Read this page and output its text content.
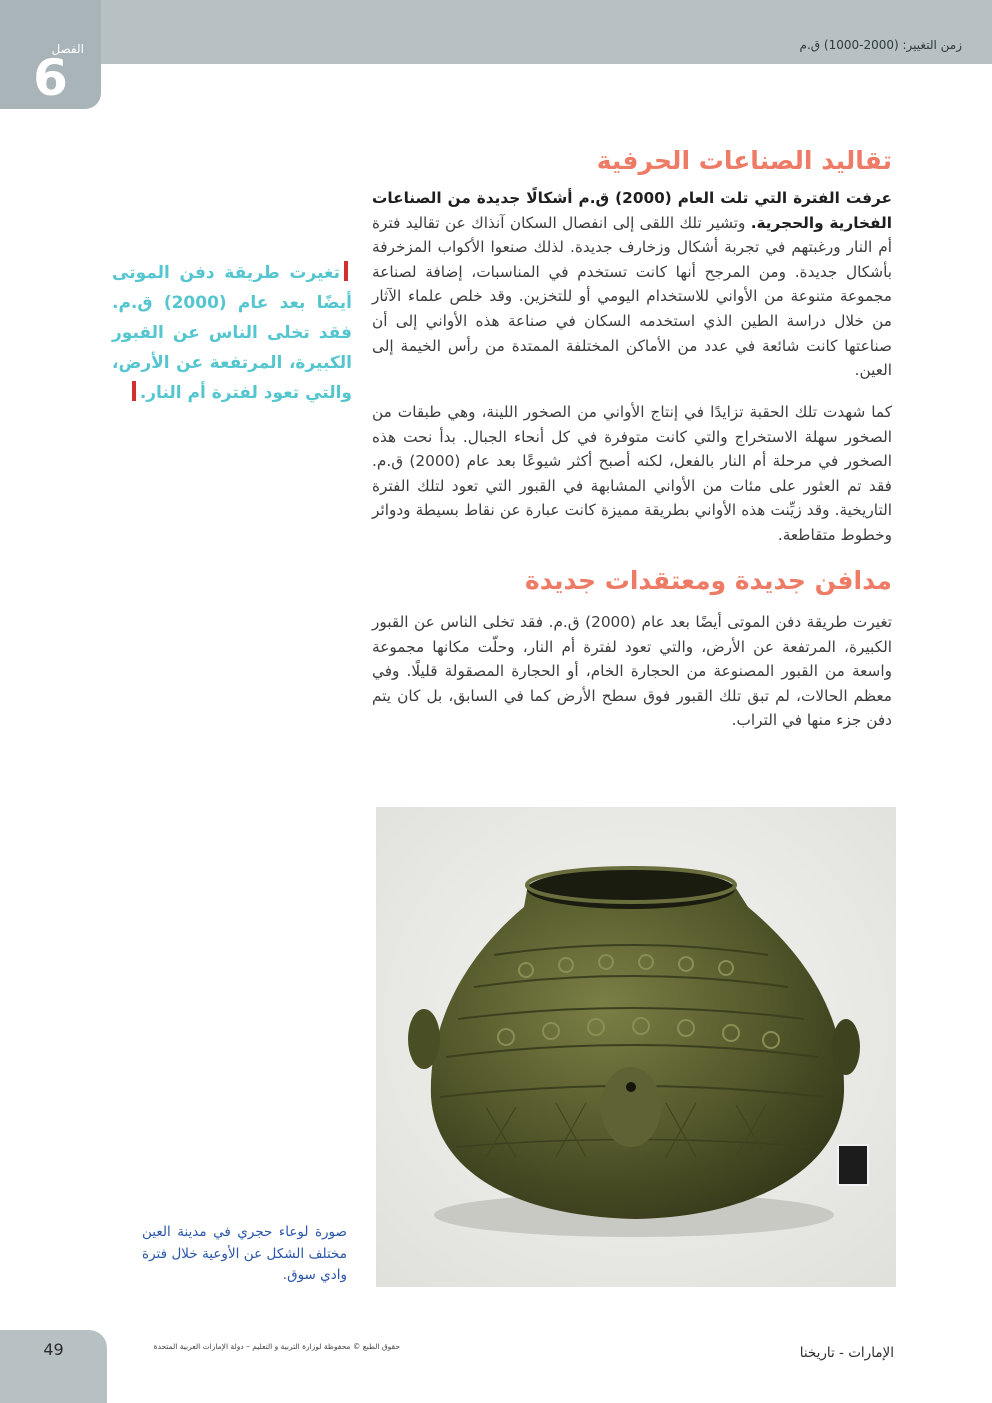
الفصل
6
زمن التغيير: (2000-1000) ق.م
تقاليد الصناعات الحرفية

عرفت الفترة التي تلت العام (2000) ق.م أشكالًا جديدة من الصناعات الفخارية والحجرية. وتشير تلك اللقى إلى انفصال السكان آنذاك عن تقاليد فترة أم النار ورغبتهم في تجربة أشكال وزخارف جديدة. لذلك صنعوا الأكواب المزخرفة بأشكال جديدة. ومن المرجح أنها كانت تستخدم في المناسبات، إضافة لصناعة مجموعة متنوعة من الأواني للاستخدام اليومي أو للتخزين. وقد خلص علماء الآثار من خلال دراسة الطين الذي استخدمه السكان في صناعة هذه الأواني إلى أن صناعتها كانت شائعة في عدد من الأماكن المختلفة الممتدة من رأس الخيمة إلى العين.

كما شهدت تلك الحقبة تزايدًا في إنتاج الأواني من الصخور اللينة، وهي طبقات من الصخور سهلة الاستخراج والتي كانت متوفرة في كل أنحاء الجبال. بدأ نحت هذه الصخور في مرحلة أم النار بالفعل، لكنه أصبح أكثر شيوعًا بعد عام (2000) ق.م. فقد تم العثور على مئات من الأواني المشابهة في القبور التي تعود لتلك الفترة التاريخية. وقد زيِّنت هذه الأواني بطريقة مميزة كانت عبارة عن نقاط بسيطة ودوائر وخطوط متقاطعة.

تغيرت طريقة دفن الموتى أيضًا بعد عام (2000) ق.م. فقد تخلى الناس عن القبور الكبيرة، المرتفعة عن الأرض، والتي تعود لفترة أم النار.
مدافن جديدة ومعتقدات جديدة

تغيرت طريقة دفن الموتى أيضًا بعد عام (2000) ق.م. فقد تخلى الناس عن القبور الكبيرة، المرتفعة عن الأرض، والتي تعود لفترة أم النار، وحلّت مكانها مجموعة واسعة من القبور المصنوعة من الحجارة الخام، أو الحجارة المصقولة قليلًا. وفي معظم الحالات، لم تبق تلك القبور فوق سطح الأرض كما في السابق، بل كان يتم دفن جزء منها في التراب.

صورة لوعاء حجري في مدينة العين مختلف الشكل عن الأوعية خلال فترة وادي سوق.

49	حقوق الطبع © محفوظة لوزارة التربية و التعليم – دولة الإمارات العربية المتحدة	الإمارات - تاريخنا
